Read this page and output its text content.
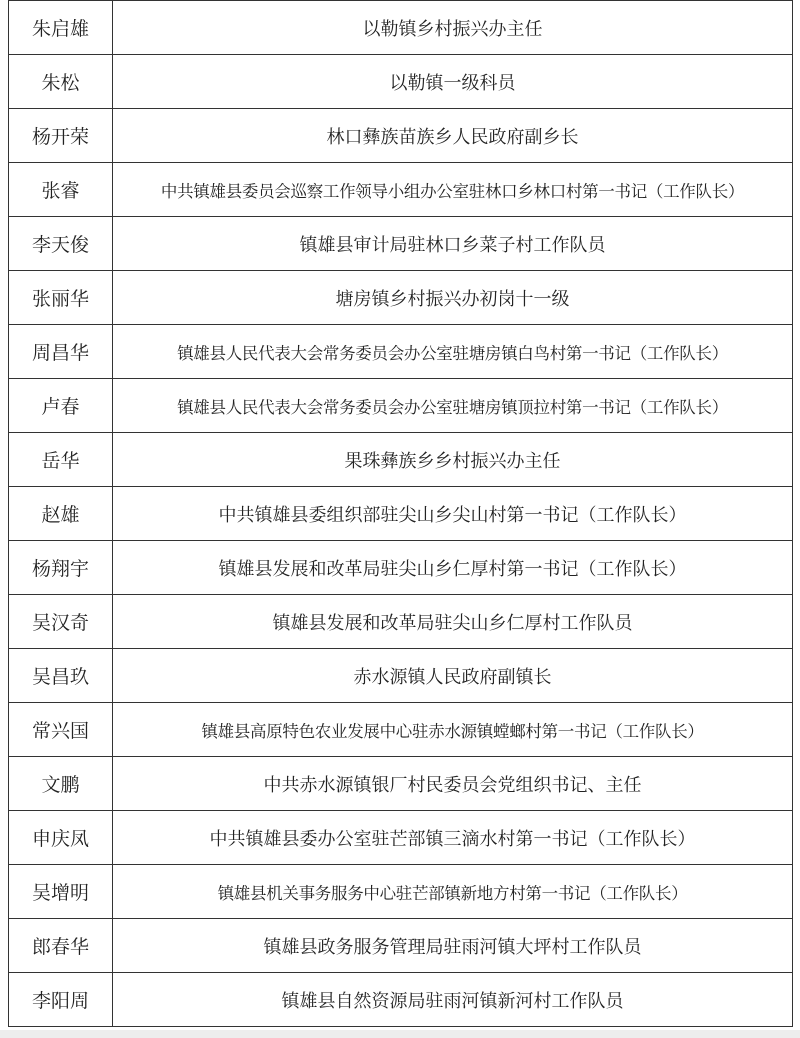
朱启雄	以勒镇乡村振兴办主任
朱松	以勒镇一级科员
杨开荣	林口彝族苗族乡人民政府副乡长
张睿	中共镇雄县委员会巡察工作领导小组办公室驻林口乡林口村第一书记（工作队长）
李天俊	镇雄县审计局驻林口乡菜子村工作队员
张丽华	塘房镇乡村振兴办初岗十一级
周昌华	镇雄县人民代表大会常务委员会办公室驻塘房镇白鸟村第一书记（工作队长）
卢春	镇雄县人民代表大会常务委员会办公室驻塘房镇顶拉村第一书记（工作队长）
岳华	果珠彝族乡乡村振兴办主任
赵雄	中共镇雄县委组织部驻尖山乡尖山村第一书记（工作队长）
杨翔宇	镇雄县发展和改革局驻尖山乡仁厚村第一书记（工作队长）
吴汉奇	镇雄县发展和改革局驻尖山乡仁厚村工作队员
吴昌玖	赤水源镇人民政府副镇长
常兴国	镇雄县高原特色农业发展中心驻赤水源镇螳螂村第一书记（工作队长）
文鹏	中共赤水源镇银厂村民委员会党组织书记、主任
申庆凤	中共镇雄县委办公室驻芒部镇三滴水村第一书记（工作队长）
吴增明	镇雄县机关事务服务中心驻芒部镇新地方村第一书记（工作队长）
郎春华	镇雄县政务服务管理局驻雨河镇大坪村工作队员
李阳周	镇雄县自然资源局驻雨河镇新河村工作队员
